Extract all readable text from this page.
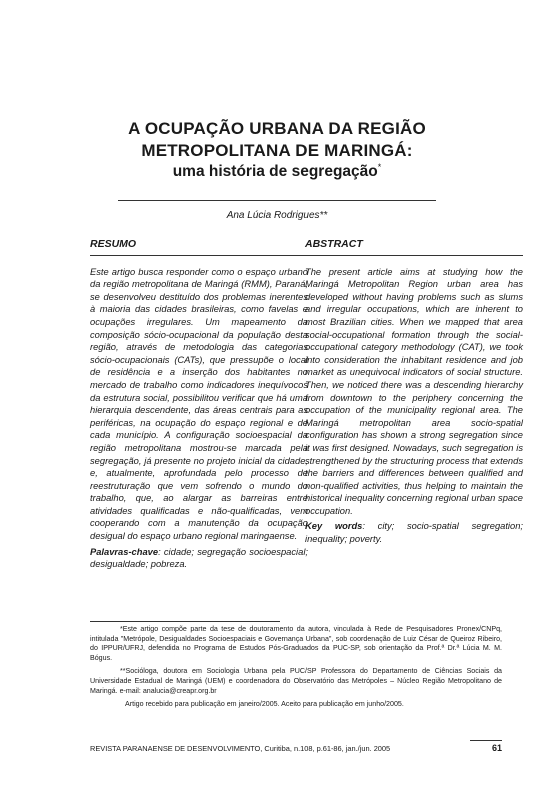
A OCUPAÇÃO URBANA DA REGIÃO
METROPOLITANA DE MARINGÁ:
uma história de segregação*
Ana Lúcia Rodrigues**
RESUMO

Este artigo busca responder como o espaço urbano da região metropolitana de Maringá (RMM), Paraná, se desenvolveu destituído dos problemas inerentes à maioria das cidades brasileiras, como favelas e ocupações irregulares. Um mapeamento da composição sócio-ocupacional da população desta região, através de metodologia das categorias sócio-ocupacionais (CATs), que pressupõe o local de residência e a inserção dos habitantes no mercado de trabalho como indicadores inequívocos da estrutura social, possibilitou verificar que há uma hierarquia descendente, das áreas centrais para as periféricas, na ocupação do espaço regional e de cada município. A configuração socioespacial da região metropolitana mostrou-se marcada pela segregação, já presente no projeto inicial da cidade, e, atualmente, aprofundada pelo processo de reestruturação que vem sofrendo o mundo do trabalho, que, ao alargar as barreiras entre atividades qualificadas e não-qualificadas, vem cooperando com a manutenção da ocupação desigual do espaço urbano regional maringaense.

Palavras-chave: cidade; segregação socioespacial; desigualdade; pobreza.

ABSTRACT

The present article aims at studying how the Maringá Metropolitan Region urban area has developed without having problems such as slums and irregular occupations, which are inherent to most Brazilian cities. When we mapped that area social-occupational formation through the social-occupational category methodology (CAT), we took into consideration the inhabitant residence and job market as unequivocal indicators of social structure. Then, we noticed there was a descending hierarchy from downtown to the periphery concerning the occupation of the municipality regional area. The Maringá metropolitan area socio-spatial configuration has shown a strong segregation since it was first designed. Nowadays, such segregation is strengthened by the structuring process that extends the barriers and differences between qualified and non-qualified activities, thus helping to maintain the historical inequality concerning regional urban space occupation.

Key words: city; socio-spatial segregation; inequality; poverty.

*Este artigo compõe parte da tese de doutoramento da autora, vinculada à Rede de Pesquisadores Pronex/CNPq, intitulada "Metrópole, Desigualdades Socioespaciais e Governança Urbana", sob coordenação de Luiz César de Queiroz Ribeiro, do IPPUR/UFRJ, defendida no Programa de Estudos Pós-Graduados da PUC-SP, sob orientação da Prof.ª Dr.ª Lúcia M. M. Bógus.

**Socióloga, doutora em Sociologia Urbana pela PUC/SP Professora do Departamento de Ciências Sociais da Universidade Estadual de Maringá (UEM) e coordenadora do Observatório das Metrópoles – Núcleo Região Metropolitano de Maringá. e-mail: analucia@creapr.org.br

Artigo recebido para publicação em janeiro/2005. Aceito para publicação em junho/2005.

REVISTA PARANAENSE DE DESENVOLVIMENTO, Curitiba, n.108, p.61-86, jan./jun. 2005	61
